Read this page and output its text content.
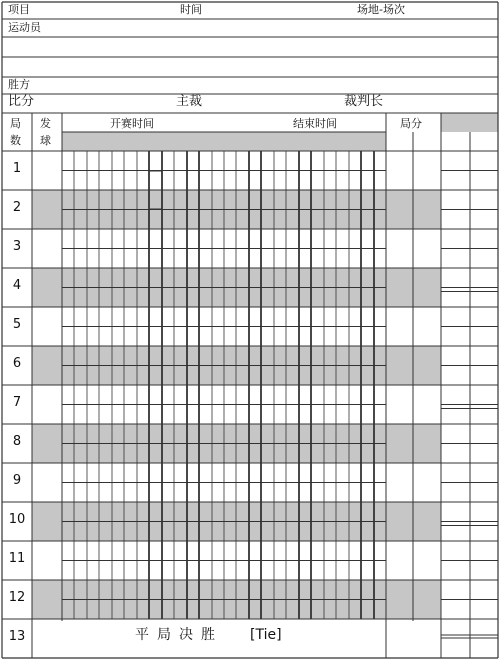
项目	时间	场地-场次
运动员
胜方
比分	主裁	裁判长
局
数
发
球
开赛时间	结束时间	局分
1
2
3
4
5
6
7
8
9
10
11
12
13	平局决胜 [Tie]
